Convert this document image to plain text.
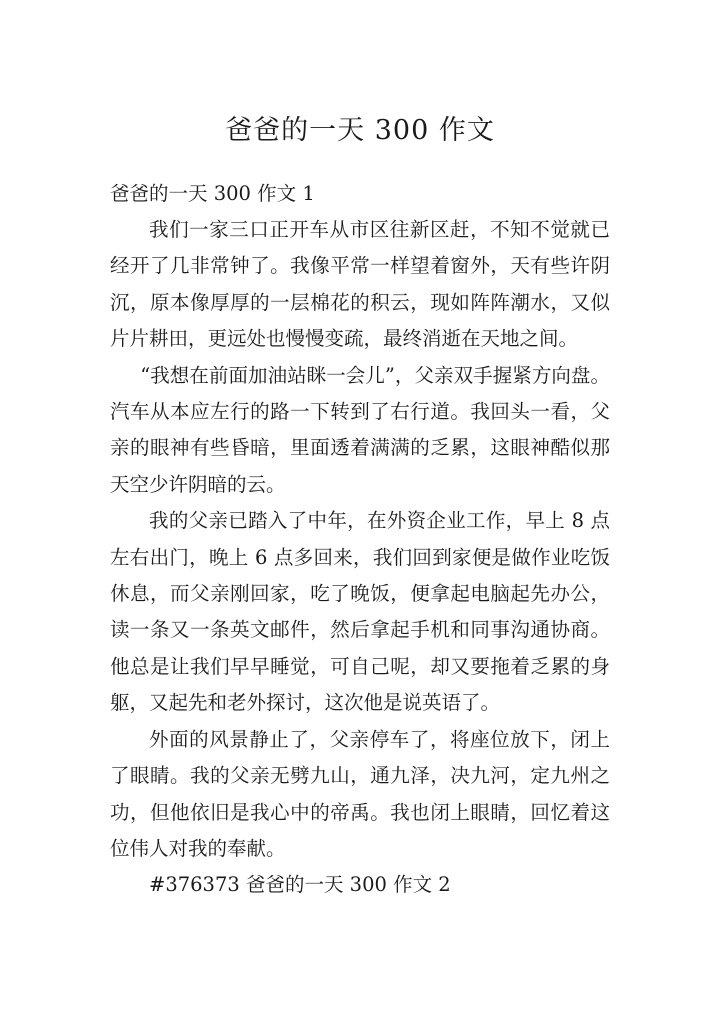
爸爸的一天 300 作文

爸爸的一天 300 作文 1

我们一家三口正开车从市区往新区赶，不知不觉就已经开了几非常钟了。我像平常一样望着窗外，天有些许阴沉，原本像厚厚的一层棉花的积云，现如阵阵潮水，又似片片耕田，更远处也慢慢变疏，最终消逝在天地之间。

“我想在前面加油站眯一会儿”，父亲双手握紧方向盘。汽车从本应左行的路一下转到了右行道。我回头一看，父亲的眼神有些昏暗，里面透着满满的乏累，这眼神酷似那天空少许阴暗的云。

我的父亲已踏入了中年，在外资企业工作，早上 8 点左右出门，晚上 6 点多回来，我们回到家便是做作业吃饭休息，而父亲刚回家，吃了晚饭，便拿起电脑起先办公，读一条又一条英文邮件，然后拿起手机和同事沟通协商。他总是让我们早早睡觉，可自己呢，却又要拖着乏累的身躯，又起先和老外探讨，这次他是说英语了。

外面的风景静止了，父亲停车了，将座位放下，闭上了眼睛。我的父亲无劈九山，通九泽，决九河，定九州之功，但他依旧是我心中的帝禹。我也闭上眼睛，回忆着这位伟人对我的奉献。

#376373 爸爸的一天 300 作文 2
